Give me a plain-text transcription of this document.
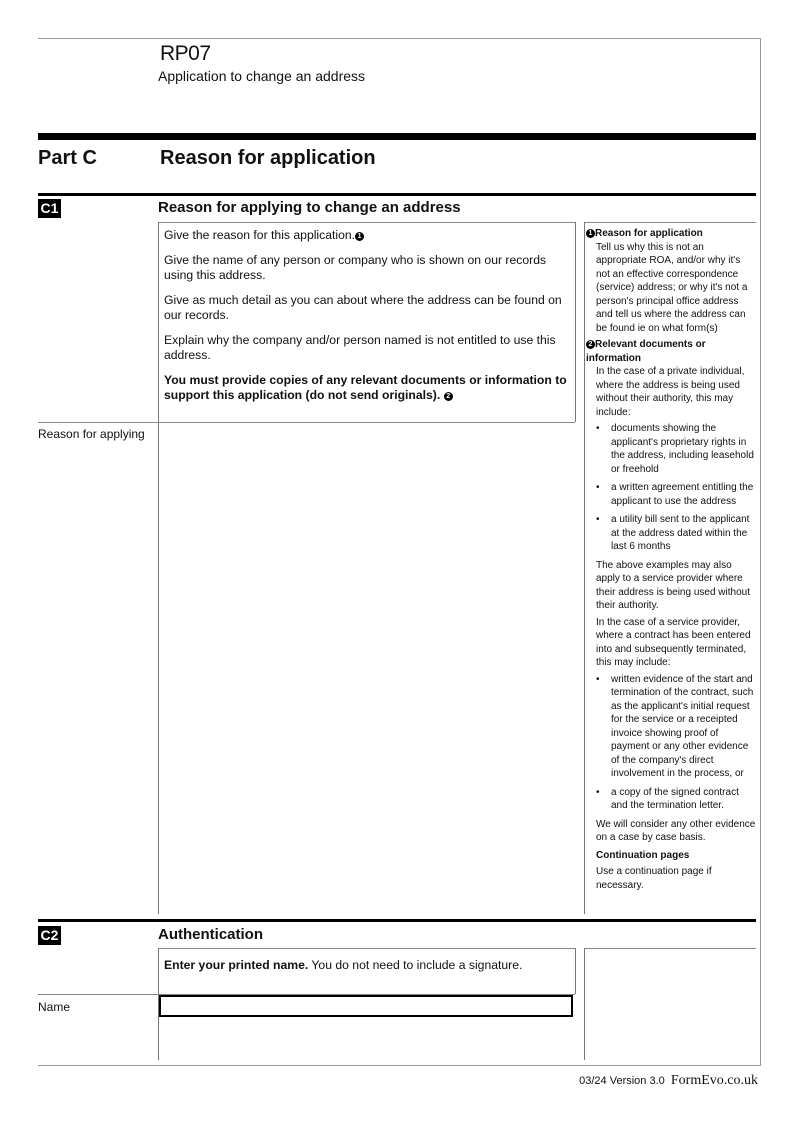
RP07
Application to change an address
Part C	Reason for application
C1	Reason for applying to change an address

Give the reason for this application. 1

Give the name of any person or company who is shown on our records using this address.

Give as much detail as you can about where the address can be found on our records.

Explain why the company and/or person named is not entitled to use this address.

You must provide copies of any relevant documents or information to support this application (do not send originals). 2

Reason for applying
1 Reason for application
Tell us why this is not an appropriate ROA, and/or why it's not an effective correspondence (service) address; or why it's not a person's principal office address and tell us where the address can be found ie on what form(s)
2 Relevant documents or information
In the case of a private individual, where the address is being used without their authority, this may include:
• documents showing the applicant's proprietary rights in the address, including leasehold or freehold
• a written agreement entitling the applicant to use the address
• a utility bill sent to the applicant at the address dated within the last 6 months
The above examples may also apply to a service provider where their address is being used without their authority.
In the case of a service provider, where a contract has been entered into and subsequently terminated, this may include:
• written evidence of the start and termination of the contract, such as the applicant's initial request for the service or a receipted invoice showing proof of payment or any other evidence of the company's direct involvement in the process, or
• a copy of the signed contract and the termination letter.
We will consider any other evidence on a case by case basis.
Continuation pages
Use a continuation page if necessary.
C2	Authentication
Enter your printed name. You do not need to include a signature.
Name
03/24 Version 3.0 FormEvo.co.uk
